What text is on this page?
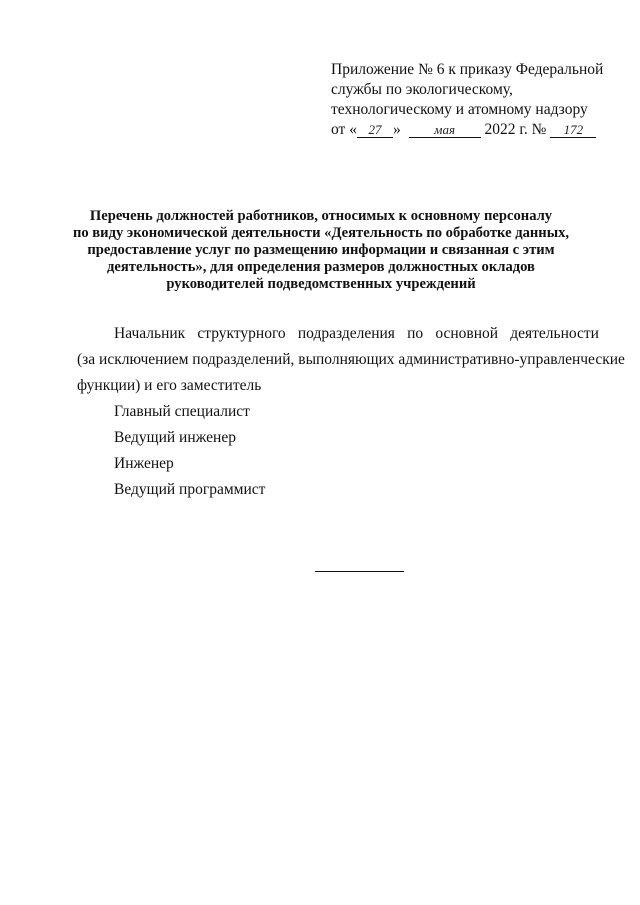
Приложение № 6 к приказу Федеральной
службы по экологическому,
технологическому и атомному надзору
от « 27 »	мая 2022 г. № 172
Перечень должностей работников, относимых к основному персоналу
по виду экономической деятельности «Деятельность по обработке данных,
предоставление услуг по размещению информации и связанная с этим
деятельность», для определения размеров должностных окладов
руководителей подведомственных учреждений

Начальник структурного подразделения по основной деятельности
(за исключением подразделений, выполняющих административно-управленческие
функции) и его заместитель

Главный специалист
Ведущий инженер
Инженер
Ведущий программист
